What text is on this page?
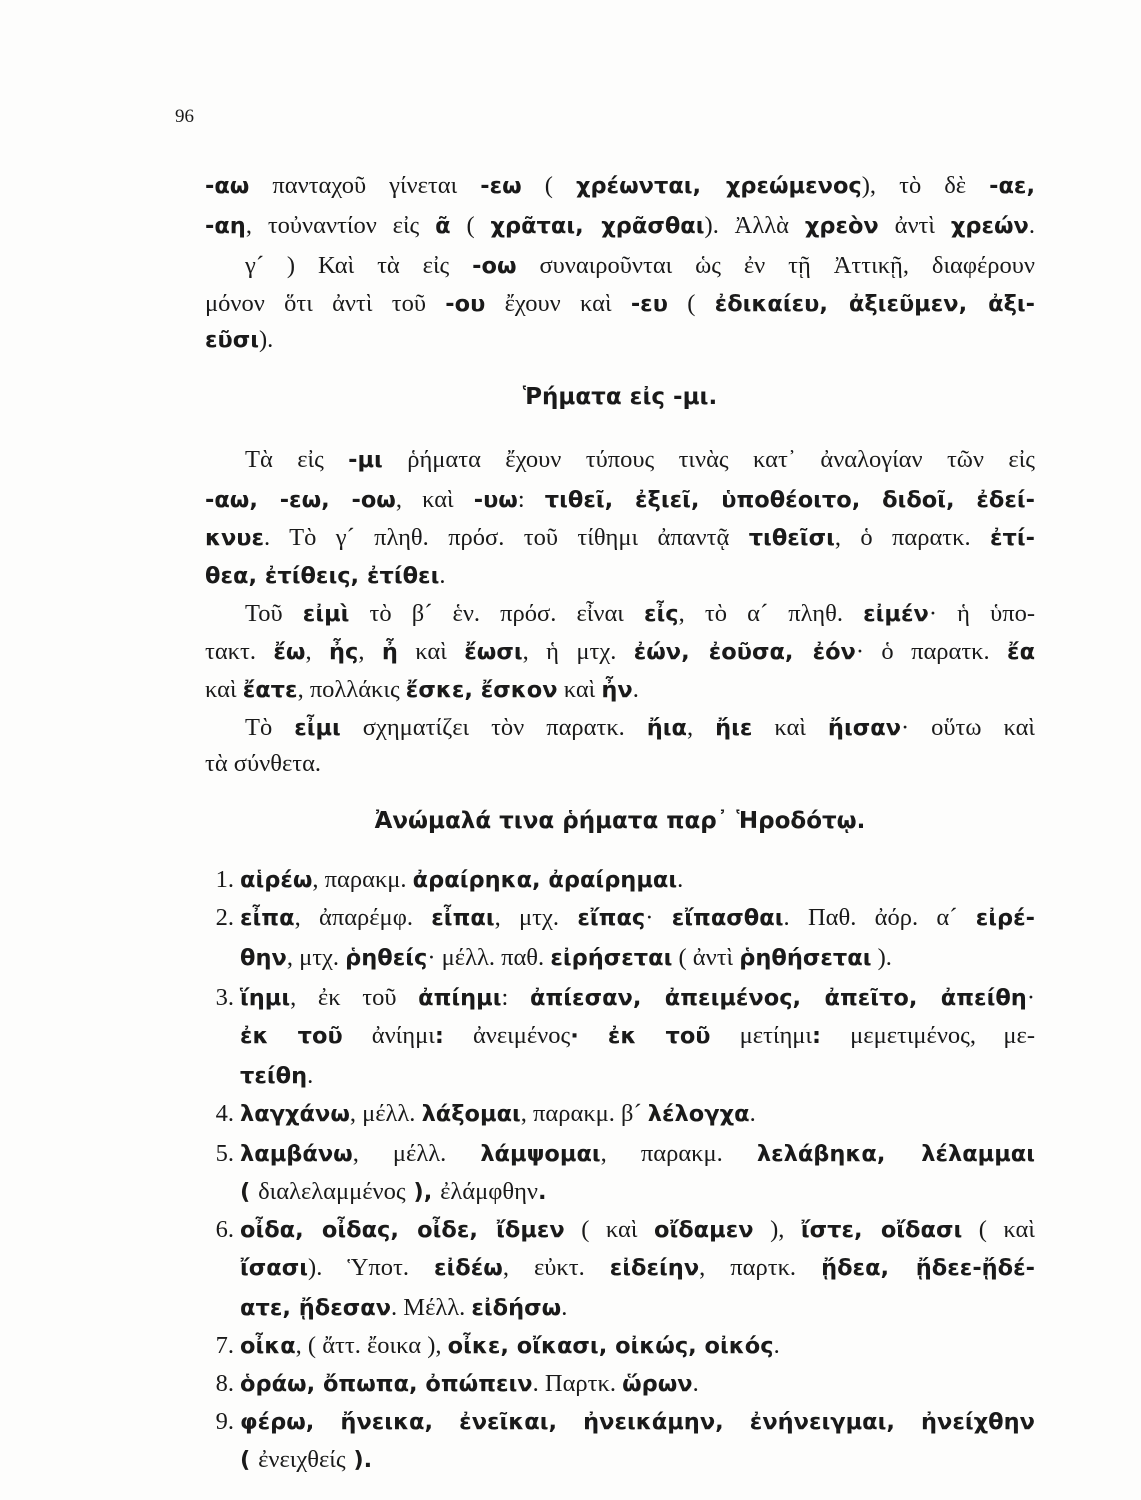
96
-αω πανταχοῦ γίνεται -εω ( χρέωνται, χρεώμενος), τὸ δὲ -αε,
-αη, τοὐναντίον εἰς ᾶ ( χρᾶται, χρᾶσθαι). Ἀλλὰ χρεὸν ἀντὶ χρεών.
γ´ ) Καὶ τὰ εἰς -οω συναιροῦνται ὡς ἐν τῇ Ἀττικῇ, διαφέρουν
μόνον ὅτι ἀντὶ τοῦ -ου ἔχουν καὶ -ευ ( ἐδικαίευ, ἀξιεῦμεν, ἀξι-
εῦσι).
Ῥήματα εἰς -μι.
Τὰ εἰς -μι ῥήματα ἔχουν τύπους τινὰς κατ᾽ ἀναλογίαν τῶν εἰς
-αω, -εω, -οω, καὶ -υω: τιθεῖ, ἐξιεῖ, ὑποθέοιτο, διδοῖ, ἐδεί-
κνυε. Τὸ γ´ πληθ. πρόσ. τοῦ τίθημι ἀπαντᾷ τιθεῖσι, ὁ παρατκ. ἐτί-
θεα, ἐτίθεις, ἐτίθει.
Τοῦ εἰμὶ τὸ β´ ἑν. πρόσ. εἶναι εἶς, τὸ α´ πληθ. εἰμέν· ἡ ὑπο-
τακτ. ἔω, ἦς, ἦ καὶ ἔωσι, ἡ μτχ. ἐών, ἐοῦσα, ἐόν· ὁ παρατκ. ἔα
καὶ ἔατε, πολλάκις ἔσκε, ἔσκον καὶ ἦν.
Τὸ εἶμι σχηματίζει τὸν παρατκ. ἤια, ἤιε καὶ ἤισαν· οὕτω καὶ
τὰ σύνθετα.
Ἀνώμαλά τινα ῥήματα παρ᾽ Ἡροδότῳ.
1. αἱρέω, παρακμ. ἀραίρηκα, ἀραίρημαι.
2. εἶπα, ἀπαρέμφ. εἶπαι, μτχ. εἴπας· εἴπασθαι. Παθ. ἀόρ. α´ εἰρέ-
θην, μτχ. ῥηθείς· μέλλ. παθ. εἰρήσεται ( ἀντὶ ῥηθήσεται ).
3. ἵημι, ἐκ τοῦ ἀπίημι: ἀπίεσαν, ἀπειμένος, ἀπεῖτο, ἀπείθη·
ἐκ τοῦ ἀνίημι: ἀνειμένος· ἐκ τοῦ μετίημι: μεμετιμένος, με-
τείθη.
4. λαγχάνω, μέλλ. λάξομαι, παρακμ. β´ λέλογχα.
5. λαμβάνω, μέλλ. λάμψομαι, παρακμ. λελάβηκα, λέλαμμαι
( διαλελαμμένος ), ἐλάμφθην.
6. οἶδα, οἶδας, οἶδε, ἴδμεν ( καὶ οἴδαμεν ), ἴστε, οἴδασι ( καὶ
ἴσασι). Ὑποτ. εἰδέω, εὐκτ. εἰδείην, παρτκ. ᾔδεα, ᾔδεε-ᾔδέ-
ατε, ᾔδεσαν. Μέλλ. εἰδήσω.
7. οἶκα, ( ἄττ. ἔοικα ), οἶκε, οἴκασι, οἰκώς, οἰκός.
8. ὁράω, ὄπωπα, ὀπώπειν. Παρτκ. ὥρων.
9. φέρω, ἤνεικα, ἐνεῖκαι, ἠνεικάμην, ἐνήνειγμαι, ἠνείχθην
( ἐνειχθείς ).
